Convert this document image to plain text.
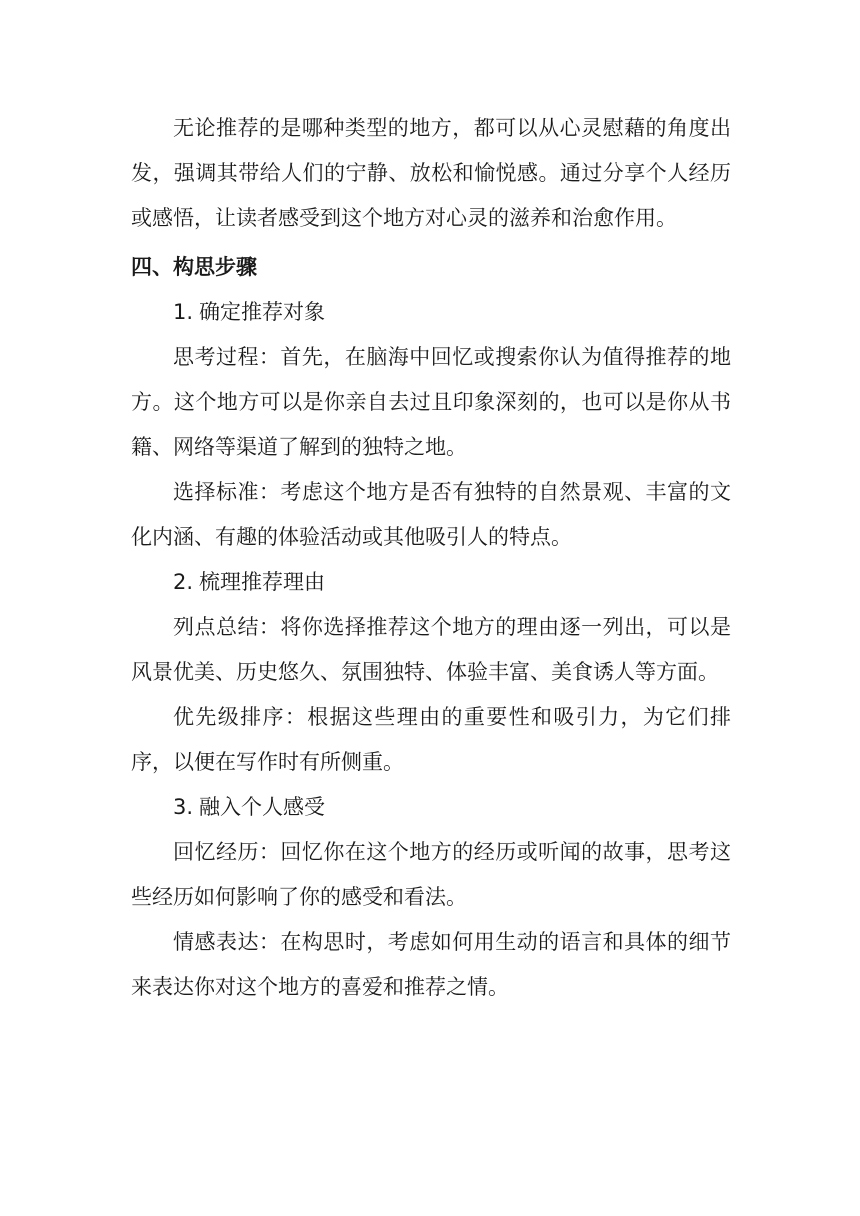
无论推荐的是哪种类型的地方，都可以从心灵慰藉的角度出发，强调其带给人们的宁静、放松和愉悦感。通过分享个人经历或感悟，让读者感受到这个地方对心灵的滋养和治愈作用。

四、构思步骤

1. 确定推荐对象

思考过程：首先，在脑海中回忆或搜索你认为值得推荐的地方。这个地方可以是你亲自去过且印象深刻的，也可以是你从书籍、网络等渠道了解到的独特之地。

选择标准：考虑这个地方是否有独特的自然景观、丰富的文化内涵、有趣的体验活动或其他吸引人的特点。

2. 梳理推荐理由

列点总结：将你选择推荐这个地方的理由逐一列出，可以是风景优美、历史悠久、氛围独特、体验丰富、美食诱人等方面。

优先级排序：根据这些理由的重要性和吸引力，为它们排序，以便在写作时有所侧重。

3. 融入个人感受

回忆经历：回忆你在这个地方的经历或听闻的故事，思考这些经历如何影响了你的感受和看法。

情感表达：在构思时，考虑如何用生动的语言和具体的细节来表达你对这个地方的喜爱和推荐之情。
